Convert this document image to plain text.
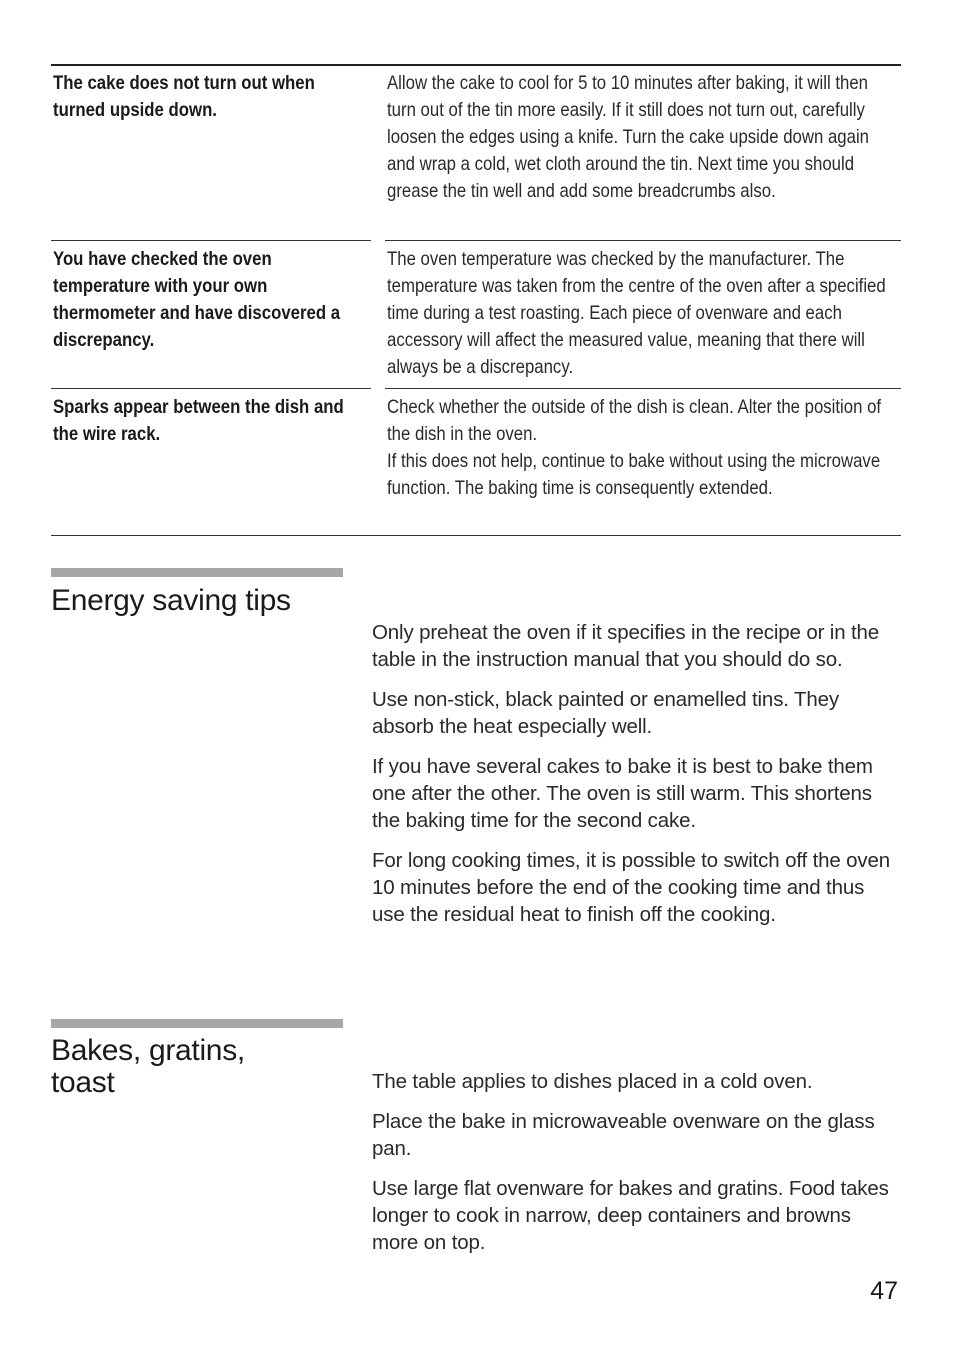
The cake does not turn out when turned upside down.

Allow the cake to cool for 5 to 10 minutes after baking, it will then turn out of the tin more easily. If it still does not turn out, carefully loosen the edges using a knife. Turn the cake upside down again and wrap a cold, wet cloth around the tin. Next time you should grease the tin well and add some breadcrumbs also.

You have checked the oven temperature with your own thermometer and have discovered a discrepancy.

The oven temperature was checked by the manufacturer. The temperature was taken from the centre of the oven after a specified time during a test roasting. Each piece of ovenware and each accessory will affect the measured value, meaning that there will always be a discrepancy.

Sparks appear between the dish and the wire rack.

Check whether the outside of the dish is clean. Alter the position of the dish in the oven.

If this does not help, continue to bake without using the microwave function. The baking time is consequently extended.

Energy saving tips

Only preheat the oven if it specifies in the recipe or in the table in the instruction manual that you should do so.

Use non-stick, black painted or enamelled tins. They absorb the heat especially well.

If you have several cakes to bake it is best to bake them one after the other. The oven is still warm. This shortens the baking time for the second cake.

For long cooking times, it is possible to switch off the oven 10 minutes before the end of the cooking time and thus use the residual heat to finish off the cooking.

Bakes, gratins,
toast	The table applies to dishes placed in a cold oven.

Place the bake in microwaveable ovenware on the glass pan.

Use large flat ovenware for bakes and gratins. Food takes longer to cook in narrow, deep containers and browns more on top.

47
